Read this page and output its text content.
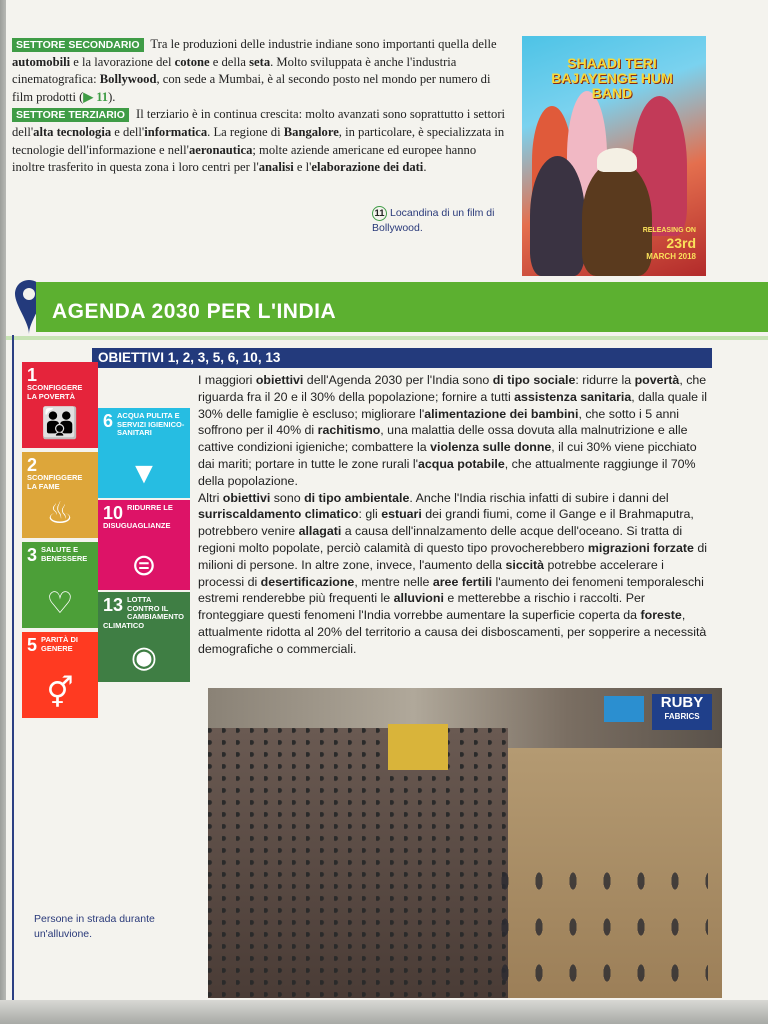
SETTORE SECONDARIO Tra le produzioni delle industrie indiane sono importanti quella delle automobili e la lavorazione del cotone e della seta. Molto sviluppata è anche l'industria cinematografica: Bollywood, con sede a Mumbai, è al secondo posto nel mondo per numero di film prodotti (▶ 11).

SETTORE TERZIARIO Il terziario è in continua crescita: molto avanzati sono soprattutto i settori dell'alta tecnologia e dell'informatica. La regione di Bangalore, in particolare, è specializzata in tecnologie dell'informazione e nell'aeronautica; molte aziende americane ed europee hanno inoltre trasferito in questa zona i loro centri per l'analisi e l'elaborazione dei dati.

11 Locandina di un film di Bollywood.
SHAADI TERI BAJAYENGE HUM BAND
RELEASING ON
23rd
MARCH 2018
AGENDA 2030 PER L'INDIA
OBIETTIVI 1, 2, 3, 5, 6, 10, 13
1
SCONFIGGERE LA POVERTÀ
👪
2
SCONFIGGERE LA FAME
♨
3 SALUTE E BENESSERE
♡
5 PARITÀ DI GENERE
⚥
6 ACQUA PULITA E SERVIZI IGIENICO-SANITARI
▼
10 RIDURRE LE DISUGUAGLIANZE
⊜
13 LOTTA CONTRO IL CAMBIAMENTO CLIMATICO
◉

I maggiori obiettivi dell'Agenda 2030 per l'India sono di tipo sociale: ridurre la povertà, che riguarda fra il 20 e il 30% della popolazione; fornire a tutti assistenza sanitaria, dalla quale il 30% delle famiglie è escluso; migliorare l'alimentazione dei bambini, che sotto i 5 anni soffrono per il 40% di rachitismo, una malattia delle ossa dovuta alla malnutrizione e alle cattive condizioni igieniche; combattere la violenza sulle donne, il cui 30% viene picchiato dai mariti; portare in tutte le zone rurali l'acqua potabile, che attualmente raggiunge il 70% della popolazione.

Altri obiettivi sono di tipo ambientale. Anche l'India rischia infatti di subire i danni del surriscaldamento climatico: gli estuari dei grandi fiumi, come il Gange e il Brahmaputra, potrebbero venire allagati a causa dell'innalzamento delle acque dell'oceano. Si tratta di regioni molto popolate, perciò calamità di questo tipo provocherebbero migrazioni forzate di milioni di persone. In altre zone, invece, l'aumento della siccità potrebbe accelerare i processi di desertificazione, mentre nelle aree fertili l'aumento dei fenomeni temporaleschi estremi renderebbe più frequenti le alluvioni e metterebbe a rischio i raccolti. Per fronteggiare questi fenomeni l'India vorrebbe aumentare la superficie coperta da foreste, attualmente ridotta al 20% del territorio a causa dei disboscamenti, per sopperire a necessità demografiche o commerciali.

RUBY
FABRICS
Persone in strada durante un'alluvione.
